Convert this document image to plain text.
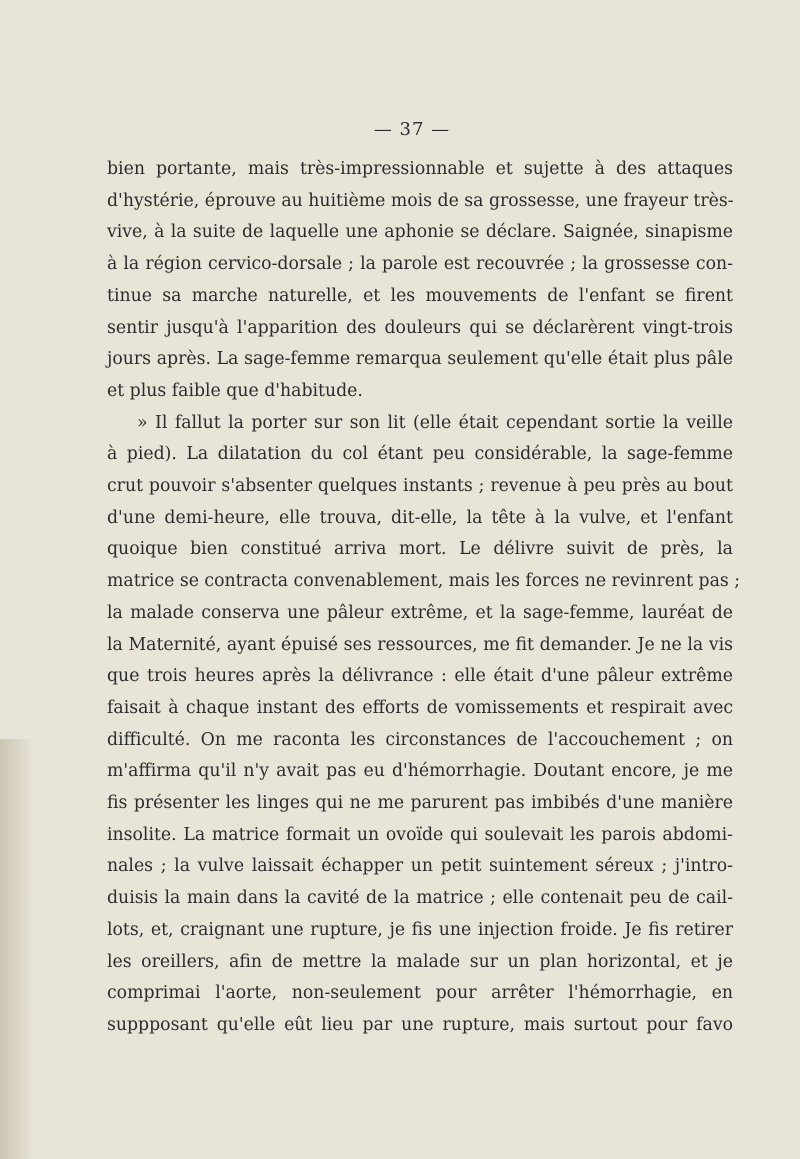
— 37 —
bien portante, mais très-impressionnable et sujette à des attaques
d'hystérie, éprouve au huitième mois de sa grossesse, une frayeur très-
vive, à la suite de laquelle une aphonie se déclare. Saignée, sinapisme
à la région cervico-dorsale ; la parole est recouvrée ; la grossesse con-
tinue sa marche naturelle, et les mouvements de l'enfant se firent
sentir jusqu'à l'apparition des douleurs qui se déclarèrent vingt-trois
jours après. La sage-femme remarqua seulement qu'elle était plus pâle
et plus faible que d'habitude.
» Il fallut la porter sur son lit (elle était cependant sortie la veille
à pied). La dilatation du col étant peu considérable, la sage-femme
crut pouvoir s'absenter quelques instants ; revenue à peu près au bout
d'une demi-heure, elle trouva, dit-elle, la tête à la vulve, et l'enfant
quoique bien constitué arriva mort. Le délivre suivit de près, la
matrice se contracta convenablement, mais les forces ne revinrent pas ;
la malade conserva une pâleur extrême, et la sage-femme, lauréat de
la Maternité, ayant épuisé ses ressources, me fit demander. Je ne la vis
que trois heures après la délivrance : elle était d'une pâleur extrême
faisait à chaque instant des efforts de vomissements et respirait avec
difficulté. On me raconta les circonstances de l'accouchement ; on
m'affirma qu'il n'y avait pas eu d'hémorrhagie. Doutant encore, je me
fis présenter les linges qui ne me parurent pas imbibés d'une manière
insolite. La matrice formait un ovoïde qui soulevait les parois abdomi-
nales ; la vulve laissait échapper un petit suintement séreux ; j'intro-
duisis la main dans la cavité de la matrice ; elle contenait peu de cail-
lots, et, craignant une rupture, je fis une injection froide. Je fis retirer
les oreillers, afin de mettre la malade sur un plan horizontal, et je
comprimai l'aorte, non-seulement pour arrêter l'hémorrhagie, en
suppposant qu'elle eût lieu par une rupture, mais surtout pour favo
